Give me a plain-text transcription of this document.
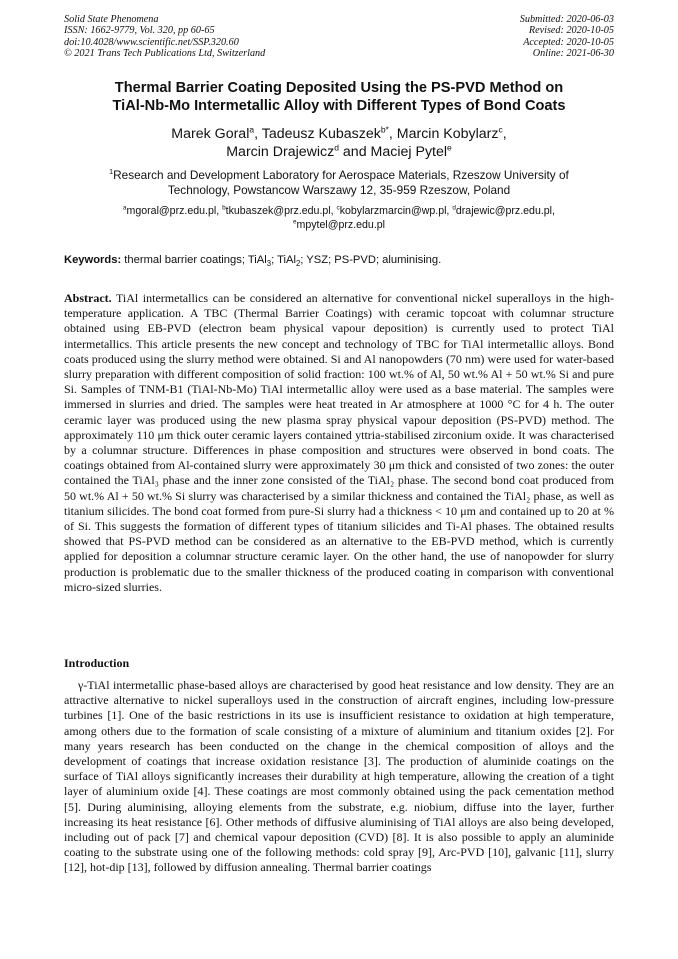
Solid State Phenomena
ISSN: 1662-9779, Vol. 320, pp 60-65
doi:10.4028/www.scientific.net/SSP.320.60
© 2021 Trans Tech Publications Ltd, Switzerland
Submitted: 2020-06-03
Revised: 2020-10-05
Accepted: 2020-10-05
Online: 2021-06-30
Thermal Barrier Coating Deposited Using the PS-PVD Method on
TiAl-Nb-Mo Intermetallic Alloy with Different Types of Bond Coats
Marek Goral$^a$, Tadeusz Kubaszek$^{b*}$, Marcin Kobylarz$^c$,
Marcin Drajewicz$^d$ and Maciej Pytel$^e$
$^1$Research and Development Laboratory for Aerospace Materials, Rzeszow University of
Technology, Powstancow Warszawy 12, 35-959 Rzeszow, Poland
$^a$mgoral@prz.edu.pl, $^b$tkubaszek@prz.edu.pl, $^c$kobylarzmarcin@wp.pl, $^d$drajewic@prz.edu.pl,
$^e$mpytel@prz.edu.pl
Keywords: thermal barrier coatings; TiAl$_3$; TiAl$_2$; YSZ; PS-PVD; aluminising.
Abstract. TiAl intermetallics can be considered an alternative for conventional nickel superalloys in the high-temperature application. A TBC (Thermal Barrier Coatings) with ceramic topcoat with columnar structure obtained using EB-PVD (electron beam physical vapour deposition) is currently used to protect TiAl intermetallics. This article presents the new concept and technology of TBC for TiAl intermetallic alloys. Bond coats produced using the slurry method were obtained. Si and Al nanopowders (70 nm) were used for water-based slurry preparation with different composition of solid fraction: 100 wt.% of Al, 50 wt.% Al + 50 wt.% Si and pure Si. Samples of TNM-B1 (TiAl-Nb-Mo) TiAl intermetallic alloy were used as a base material. The samples were immersed in slurries and dried. The samples were heat treated in Ar atmosphere at 1000 °C for 4 h. The outer ceramic layer was produced using the new plasma spray physical vapour deposition (PS-PVD) method. The approximately 110 μm thick outer ceramic layers contained yttria-stabilised zirconium oxide. It was characterised by a columnar structure. Differences in phase composition and structures were observed in bond coats. The coatings obtained from Al-contained slurry were approximately 30 μm thick and consisted of two zones: the outer contained the TiAl₃ phase and the inner zone consisted of the TiAl₂ phase. The second bond coat produced from 50 wt.% Al + 50 wt.% Si slurry was characterised by a similar thickness and contained the TiAl₂ phase, as well as titanium silicides. The bond coat formed from pure-Si slurry had a thickness < 10 μm and contained up to 20 at % of Si. This suggests the formation of different types of titanium silicides and Ti-Al phases. The obtained results showed that PS-PVD method can be considered as an alternative to the EB-PVD method, which is currently applied for deposition a columnar structure ceramic layer. On the other hand, the use of nanopowder for slurry production is problematic due to the smaller thickness of the produced coating in comparison with conventional micro-sized slurries.
Introduction
γ-TiAl intermetallic phase-based alloys are characterised by good heat resistance and low density. They are an attractive alternative to nickel superalloys used in the construction of aircraft engines, including low-pressure turbines [1]. One of the basic restrictions in its use is insufficient resistance to oxidation at high temperature, among others due to the formation of scale consisting of a mixture of aluminium and titanium oxides [2]. For many years research has been conducted on the change in the chemical composition of alloys and the development of coatings that increase oxidation resistance [3]. The production of aluminide coatings on the surface of TiAl alloys significantly increases their durability at high temperature, allowing the creation of a tight layer of aluminium oxide [4]. These coatings are most commonly obtained using the pack cementation method [5]. During aluminising, alloying elements from the substrate, e.g. niobium, diffuse into the layer, further increasing its heat resistance [6]. Other methods of diffusive aluminising of TiAl alloys are also being developed, including out of pack [7] and chemical vapour deposition (CVD) [8]. It is also possible to apply an aluminide coating to the substrate using one of the following methods: cold spray [9], Arc-PVD [10], galvanic [11], slurry [12], hot-dip [13], followed by diffusion annealing. Thermal barrier coatings
